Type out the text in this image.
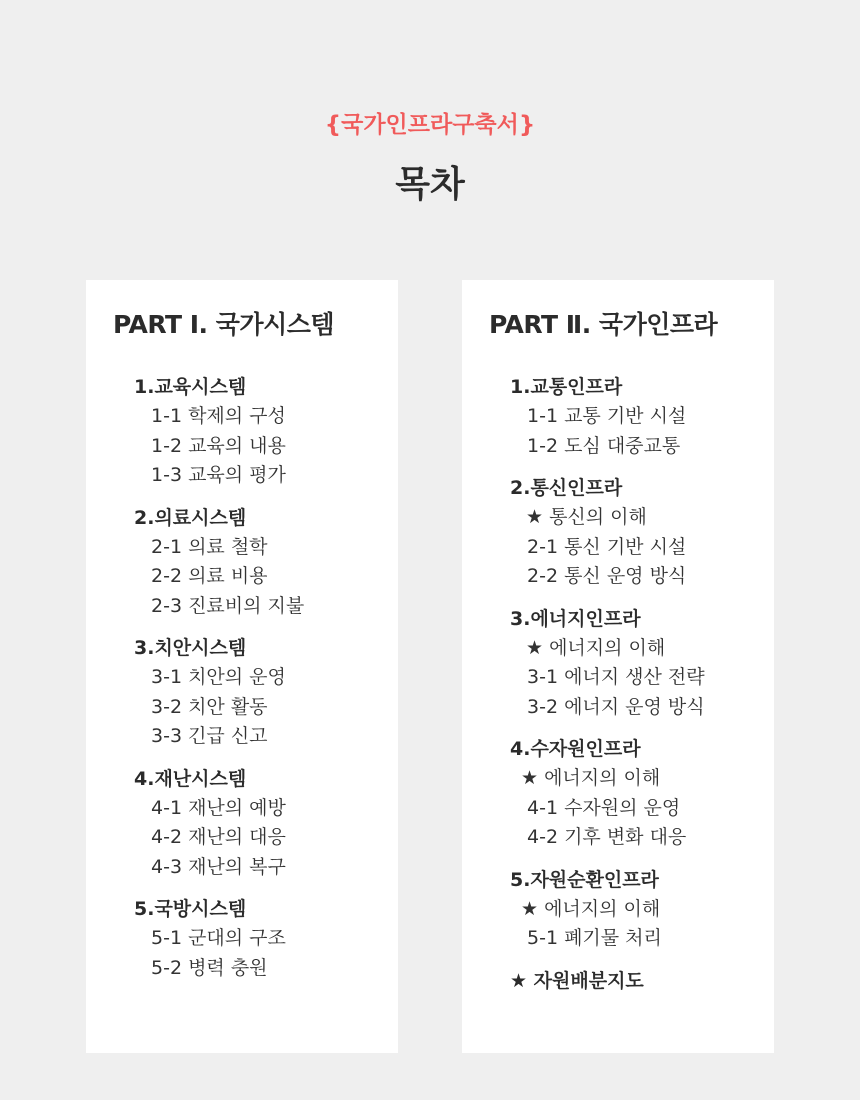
{국가인프라구축서}
목차
PART Ⅰ. 국가시스템
1.교육시스템
1-1 학제의 구성
1-2 교육의 내용
1-3 교육의 평가
2.의료시스템
2-1 의료 철학
2-2 의료 비용
2-3 진료비의 지불
3.치안시스템
3-1 치안의 운영
3-2 치안 활동
3-3 긴급 신고
4.재난시스템
4-1 재난의 예방
4-2 재난의 대응
4-3 재난의 복구
5.국방시스템
5-1 군대의 구조
5-2 병력 충원
PART Ⅱ. 국가인프라
1.교통인프라
1-1 교통 기반 시설
1-2 도심 대중교통
2.통신인프라
★ 통신의 이해
2-1 통신 기반 시설
2-2 통신 운영 방식
3.에너지인프라
★ 에너지의 이해
3-1 에너지 생산 전략
3-2 에너지 운영 방식
4.수자원인프라
★ 에너지의 이해
4-1 수자원의 운영
4-2 기후 변화 대응
5.자원순환인프라
★ 에너지의 이해
5-1 폐기물 처리
★ 자원배분지도
